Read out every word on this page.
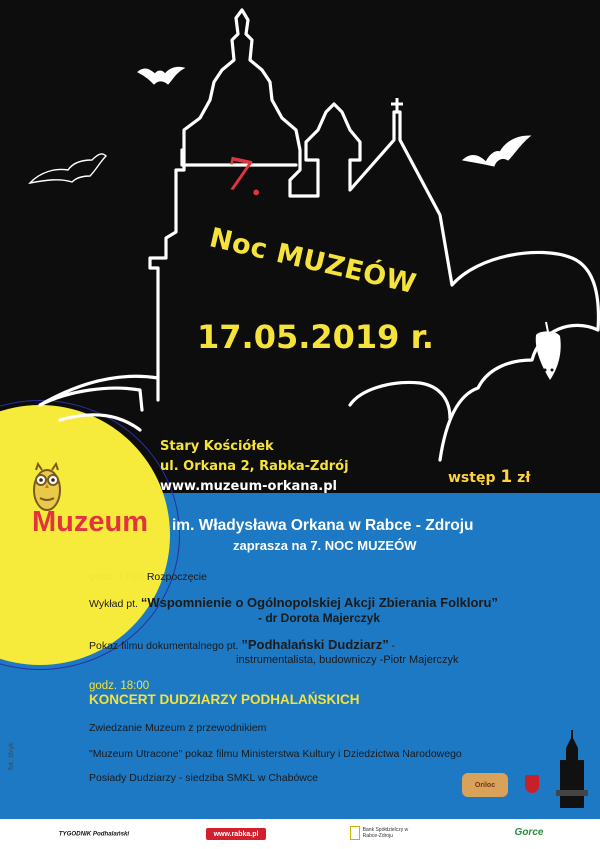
7.
Noc MUZEÓW
17.05.2019 r.
Stary Kościółek
ul. Orkana 2, Rabka-Zdrój
www.muzeum-orkana.pl
wstęp 1 zł
Muzeum im. Władysława Orkana w Rabce - Zdroju
zaprasza na 7. NOC MUZEÓW
godz. 17:00 Rozpoczęcie
Wykład pt. “Wspomnienie o Ogólnopolskiej Akcji Zbierania Folkloru”
- dr Dorota Majerczyk
Pokaz filmu dokumentalnego pt. ”Podhalański Dudziarz” -
instrumentalista, budowniczy -Piotr Majerczyk
godz. 18:00
KONCERT DUDZIARZY PODHALAŃSKICH
Zwiedzanie Muzeum z przewodnikiem
"Muzeum Utracone" pokaz filmu Ministerstwa Kultury i Dziedzictwa Narodowego
Posiady Dudziarzy - siedziba SMKL w Chabówce
fot. Stryk
Oriloc
TYGODNIK Podhalański	www.rabka.pl
Bank Spółdzielczy w Rabce-Zdroju	Gorce
